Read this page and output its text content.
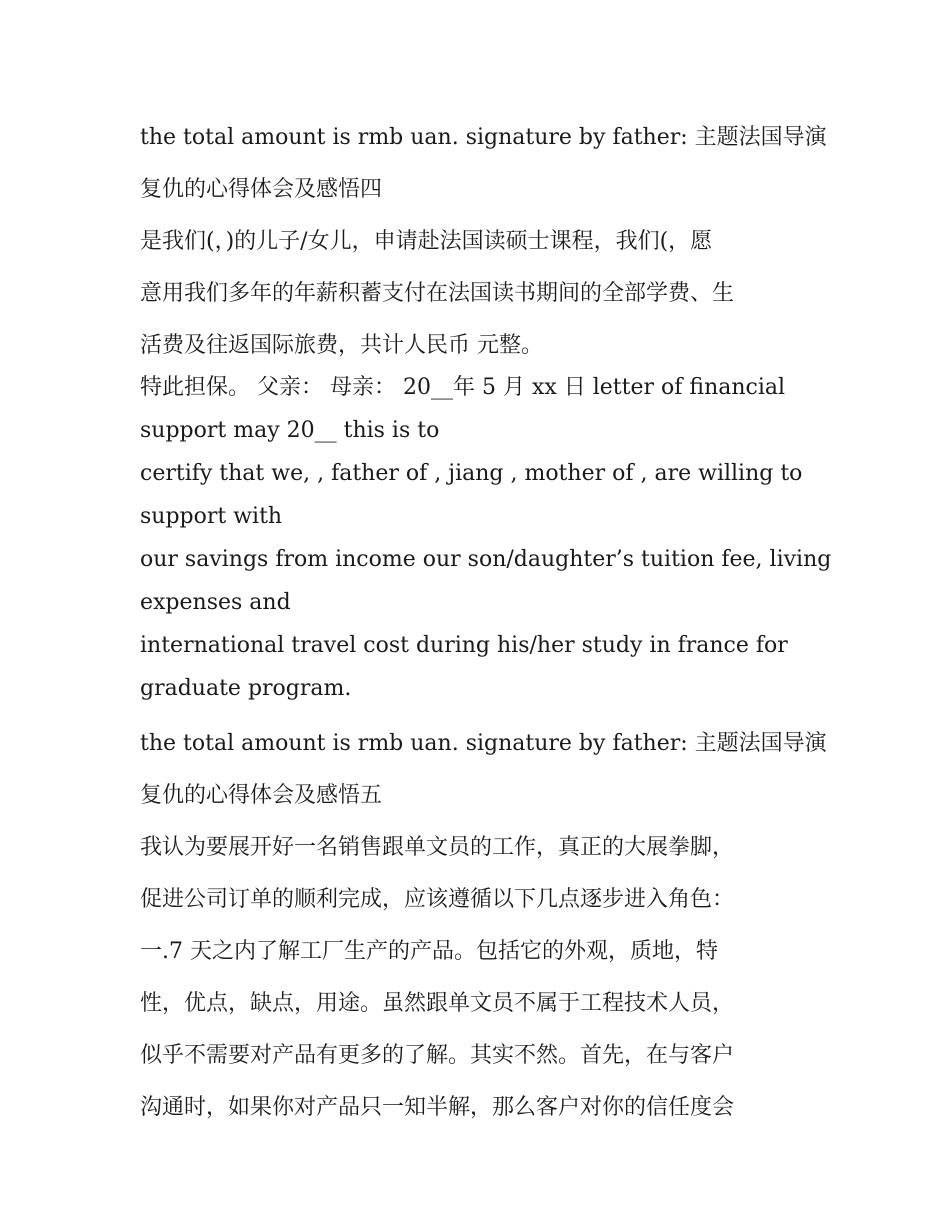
the total amount is rmb uan. signature by father: 主题法国导演
复仇的心得体会及感悟四
是我们(，)的儿子/女儿，申请赴法国读硕士课程，我们(，愿
意用我们多年的年薪积蓄支付在法国读书期间的全部学费、生
活费及往返国际旅费，共计人民币 元整。
特此担保。 父亲： 母亲： 20__年 5 月 xx 日 letter of financial
support may 20__ this is to
certify that we, , father of , jiang , mother of , are willing to
support with
our savings from income our son/daughter’s tuition fee, living
expenses and
international travel cost during his/her study in france for
graduate program.
the total amount is rmb uan. signature by father: 主题法国导演
复仇的心得体会及感悟五
我认为要展开好一名销售跟单文员的工作，真正的大展拳脚，
促进公司订单的顺利完成，应该遵循以下几点逐步进入角色：
一.7 天之内了解工厂生产的产品。包括它的外观，质地，特
性，优点，缺点，用途。虽然跟单文员不属于工程技术人员，
似乎不需要对产品有更多的了解。其实不然。首先，在与客户
沟通时，如果你对产品只一知半解，那么客户对你的信任度会
